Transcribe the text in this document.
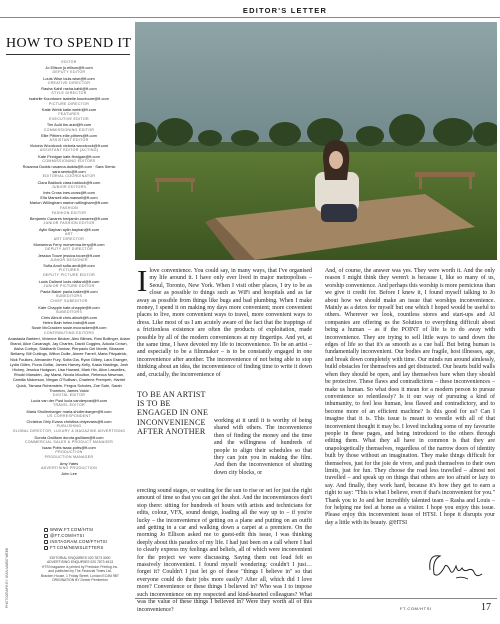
EDITOR'S LETTER
HOW TO SPEND IT
EDITOR
Jo Ellison jo.ellison@ft.com
DEPUTY EDITOR
Louis Wise louis.wise@ft.com
CREATIVE DIRECTOR
Rasha Kahil rasha.kahil@ft.com
STYLE DIRECTOR
Isabelle Kountoure isabelle.kountoure@ft.com
PICTURE DIRECTOR
Katie Webb katie.webb@ft.com
FEATURES
EXECUTIVE EDITOR
Tim Auld tim.auld@ft.com
COMMISSIONING EDITOR
Ellie Pithers ellie.pithers@ft.com
ASSISTANT EDITOR
Victoria Woodcock victoria.woodcock@ft.com
ASSISTANT EDITOR (ACTING)
Kate Finnigan kate.finnigan@ft.com
COMMISSIONING EDITORS
Rosanna Dodds rosanna.dodds@ft.com · Sara Semic sara.semic@ft.com
EDITORIAL COORDINATOR
Clara Baldock clara.baldock@ft.com
JUNIOR EDITORS
Inès Cross ines.cross@ft.com
Ella Mansell ella.mansell@ft.com
Marion Willingham marion.willingham@ft.com
FASHION
FASHION EDITOR
Benjamin Canares benjamin.canares@ft.com
JUNIOR FASHION EDITOR
Aylin Bayhan aylin.bayhan@ft.com
ART
ART DIRECTOR
Morwenna Ferry morwenna.ferry@ft.com
DEPUTY ART DIRECTOR
Jessica Tooze jessica.tooze@ft.com
JUNIOR DESIGNER
Sofia Anoll sofia.anoll@ft.com
PICTURES
DEPUTY PICTURE EDITOR
Louis Dalland louis.dalland@ft.com
JUNIOR PICTURE EDITOR
Paola Baker paola.baker@ft.com
SUBEDITORS
CHIEF SUBEDITOR
Kate Chapple kate.chapple@ft.com
SUBEDITORS
Chris Allnutt chris.allnutt@ft.com
Helen Bain helen.bain@ft.com
Susie McCracken susie.mccracken@ft.com
CONTRIBUTING EDITORS
Anastasia Barbieri, Vivienne Becker, Alex Bilmes, Rosi Bollinger, Adam Brand, Alice Cavanagh, Jay Charles, David Coggins, Aduola Crown, Aisha Corbyn, Siddharth Dunbar, Pierpaolo Del Monte, Blossom Bellamy, Bill Cuttings, Wilton Dollie, Aimee Farrell, Maria Fitzpatrick, Nick Foulkes, Alexander Fury, Sofia Gia, Ryan Gilbey, Lara Granger, Lydia Gillen, Fiona Golfar, James Harvey-Kelly, Kasia Hastings, Josh Hickey, Jessica Hodgson, Lisa Howard, Mark Hix, Alice Lascelles, Rhodri Marsden, Jay Mansi, Nicola Moulton, Rebecca Newman, Camilla Nickerson, Megan O'Sullivan, Charlene Prempeh, Harriet Quick, Tamara Rubenstein, Fergus Scholes, Zoe Sutn, Sarah Thornton, James Vukić
DIGITAL EDITOR
Lucia van der Post lucia.vanderpost@ft.com
TRAVEL EDITOR
Maria Shollenbarger maria.shollenbarger@ft.com
US CORRESPONDENT
Christina Ohly Evans christina.ohlyevans@ft.com
PUBLISHING
GLOBAL DIRECTOR, LUXURY & MAGAZINE ADVERTISING
Dorota Gwilliam dorota.gwilliam@ft.com
COMMERCIAL SALES & PRODUCT MANAGER
Isaac Potts isaac.potts@ft.com
PRODUCTION
PRODUCTION MANAGER
Amy Yates
ADVERTISING PRODUCTION
John Lee
WWW.FT.COM/HTSI
@FT.COM/HTSI
INSTAGRAM.COM/FTHTSI
FT.COM/NEWSLETTERS
EDITORIAL ENQUIRIES 020 7873 3000
ADVERTISING ENQUIRIES 020 7873 4613
HTSI magazine is printed by Precision Printing Inc.
and published by The Financial Times Ltd,
Bracken House, 1 Friday Street, London EC4M 9BT
ORIGINATION BY Dexter Pemberton
PHOTOGRAPH BY JEAN-MARIE WEBB
Ilove convenience. You could say, in many ways, that I've organised my life around it. I have only ever lived in major metropolises – Seoul, Toronto, New York. When I visit other places, I try to be as close as possible to things such as WiFi and hospitals and as far away as possible from things like bugs and bad plumbing. When I make money, I spend it on making my days more convenient; more convenient places to live, more convenient ways to travel, more convenient ways to dress. Like most of us I am acutely aware of the fact that the trappings of a frictionless existence are often the products of exploitation, made possible by all of the modern conveniences at my fingertips. And yet, at the same time, I have devoted my life to inconvenience. To be an artist – and especially to be a filmmaker – is to be constantly engaged in one inconvenience after another. The inconvenience of not being able to stop thinking about an idea, the inconvenience of finding time to write it down and, crucially, the inconvenience of
TO BE AN ARTIST IS TO BE ENGAGED IN ONE INCONVENIENCE AFTER ANOTHER
working at it until it is worthy of being shared with others. The inconvenience then of finding the money and the time and the willingness of hundreds of people to align their schedules so that they can join you in making the film. And then the inconvenience of shutting down city blocks, or
erecting sound stages, or waiting for the sun to rise or set for just the right amount of time so that you can get the shot. And the inconveniences don't stop there: sitting for hundreds of hours with artists and technicians for edits, colour, VFX, sound design, loading all the way up to – if you're lucky – the inconvenience of getting on a plane and putting on an outfit and getting in a car and walking down a carpet at a premiere. On the morning Jo Ellison asked me to guest-edit this issue, I was thinking deeply about this paradox of my life. I had just been on a call where I had to clearly express my feelings and beliefs, all of which were inconvenient for the project we were discussing. Saying them out loud felt so massively inconvenient. I found myself wondering: couldn't I just… forget it? Couldn't I just let go of these "things I believe in" so that everyone could do their jobs more easily? After all, which did I love more? Convenience or these things I believed in? Who was I to impose such inconvenience on my respected and kind-hearted colleagues? What was the value of these things I believed in? Were they worth all of this inconvenience?
And, of course, the answer was yes. They were worth it. And the only reason I might think they weren't is because I, like so many of us, worship convenience. And perhaps this worship is more pernicious than we give it credit for. Before I knew it, I found myself talking to Jo about how we should make an issue that worships inconvenience. Mainly as a detox for myself but one which I hoped would be useful to others. Wherever we look, countless stores and start-ups and AI companies are offering us the Solution to everything difficult about being a human – as if the POINT of life is to do away with inconvenience. They are trying to sell little ways to sand down the edges of life so that it's as smooth as a cue ball. But being human is fundamentally inconvenient. Our bodies are fragile, host illnesses, age, and break down completely with time. Our minds run around aimlessly, build obstacles for themselves and get distracted. Our hearts build walls when they should be open, and lay themselves bare when they should be protective. These flaws and contradictions – these inconveniences – make us human. So what does it mean for a modern person to pursue convenience so relentlessly? Is it our way of pursuing a kind of inhumanity, to feel less human, less flawed and contradictory, and to become more of an efficient machine? Is this good for us? Can I imagine that it is. This issue is meant to wrestle with all of that inconvenient thought it may be. I loved including some of my favourite people in these pages, and being introduced to the others through editing them. What they all have in common is that they are unapologetically themselves, regardless of the narrow doors of identity built by those without an imagination. They make things difficult for themselves, just for the joie de vivre, and push themselves to their own limits, just for fun. They choose the road less travelled – almost not travelled – and speak up on things that others are too afraid or lazy to say. And finally, they work hard, because it's how they get to earn a right to say: "This is what I believe, even if that's inconvenient for you." Thank you to Jo and her incredibly talented team – Rasha and Louis – for helping me feel at home as a visitor. I hope you enjoy this issue. Please enjoy this inconvenient issue of HTSI. I hope it disrupts your day a little with its beauty. @HTSI
FT.COM/HTSI	17
